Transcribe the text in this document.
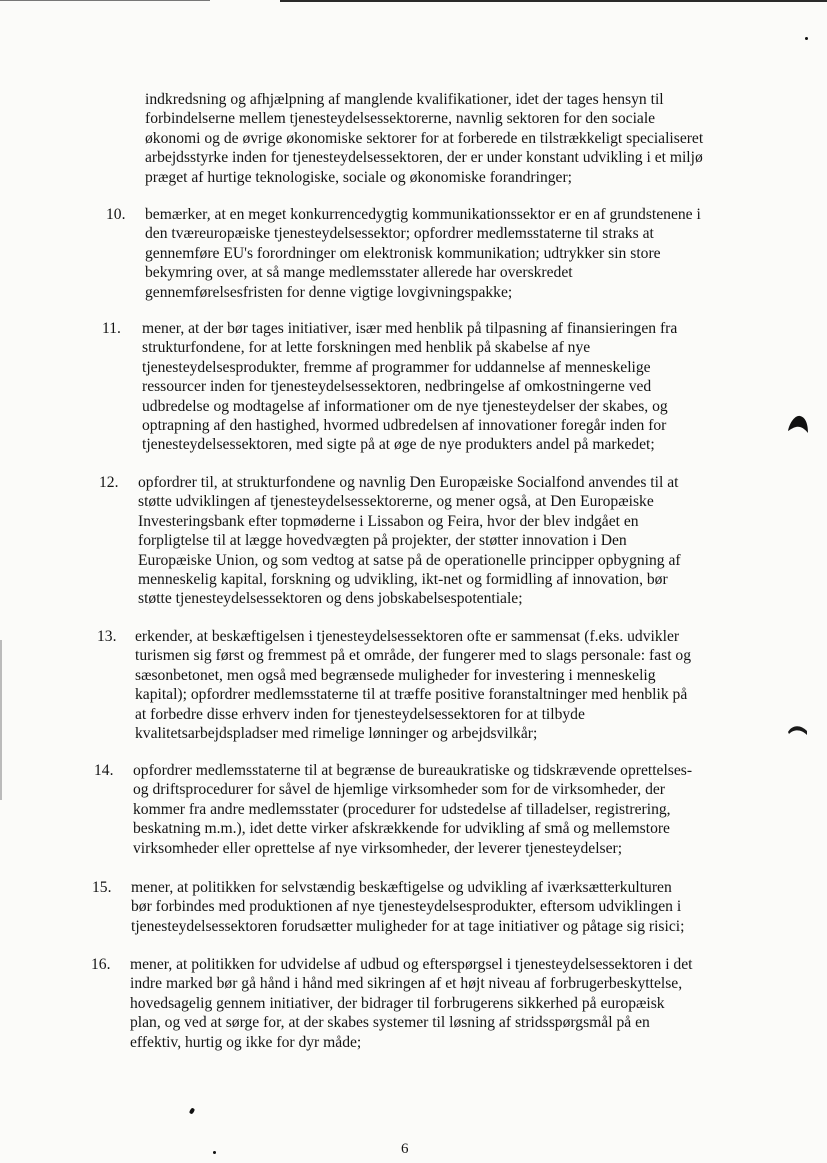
indkredsning og afhjælpning af manglende kvalifikationer, idet der tages hensyn til
forbindelserne mellem tjenesteydelsessektorerne, navnlig sektoren for den sociale
økonomi og de øvrige økonomiske sektorer for at forberede en tilstrækkeligt specialiseret
arbejdsstyrke inden for tjenesteydelsessektoren, der er under konstant udvikling i et miljø
præget af hurtige teknologiske, sociale og økonomiske forandringer;
10.	bemærker, at en meget konkurrencedygtig kommunikationssektor er en af grundstenene i
den tværeuropæiske tjenesteydelsessektor; opfordrer medlemsstaterne til straks at
gennemføre EU's forordninger om elektronisk kommunikation; udtrykker sin store
bekymring over, at så mange medlemsstater allerede har overskredet
gennemførelsesfristen for denne vigtige lovgivningspakke;
11.	mener, at der bør tages initiativer, især med henblik på tilpasning af finansieringen fra
strukturfondene, for at lette forskningen med henblik på skabelse af nye
tjenesteydelsesprodukter, fremme af programmer for uddannelse af menneskelige
ressourcer inden for tjenesteydelsessektoren, nedbringelse af omkostningerne ved
udbredelse og modtagelse af informationer om de nye tjenesteydelser der skabes, og
optrapning af den hastighed, hvormed udbredelsen af innovationer foregår inden for
tjenesteydelsessektoren, med sigte på at øge de nye produkters andel på markedet;
12.	opfordrer til, at strukturfondene og navnlig Den Europæiske Socialfond anvendes til at
støtte udviklingen af tjenesteydelsessektorerne, og mener også, at Den Europæiske
Investeringsbank efter topmøderne i Lissabon og Feira, hvor der blev indgået en
forpligtelse til at lægge hovedvægten på projekter, der støtter innovation i Den
Europæiske Union, og som vedtog at satse på de operationelle principper opbygning af
menneskelig kapital, forskning og udvikling, ikt-net og formidling af innovation, bør
støtte tjenesteydelsessektoren og dens jobskabelsespotentiale;
13.	erkender, at beskæftigelsen i tjenesteydelsessektoren ofte er sammensat (f.eks. udvikler
turismen sig først og fremmest på et område, der fungerer med to slags personale: fast og
sæsonbetonet, men også med begrænsede muligheder for investering i menneskelig
kapital); opfordrer medlemsstaterne til at træffe positive foranstaltninger med henblik på
at forbedre disse erhverv inden for tjenesteydelsessektoren for at tilbyde
kvalitetsarbejdspladser med rimelige lønninger og arbejdsvilkår;
14.	opfordrer medlemsstaterne til at begrænse de bureaukratiske og tidskrævende oprettelses-
og driftsprocedurer for såvel de hjemlige virksomheder som for de virksomheder, der
kommer fra andre medlemsstater (procedurer for udstedelse af tilladelser, registrering,
beskatning m.m.), idet dette virker afskrækkende for udvikling af små og mellemstore
virksomheder eller oprettelse af nye virksomheder, der leverer tjenesteydelser;
15.	mener, at politikken for selvstændig beskæftigelse og udvikling af iværksætterkulturen
bør forbindes med produktionen af nye tjenesteydelsesprodukter, eftersom udviklingen i
tjenesteydelsessektoren forudsætter muligheder for at tage initiativer og påtage sig risici;
16.	mener, at politikken for udvidelse af udbud og efterspørgsel i tjenesteydelsessektoren i det
indre marked bør gå hånd i hånd med sikringen af et højt niveau af forbrugerbeskyttelse,
hovedsagelig gennem initiativer, der bidrager til forbrugerens sikkerhed på europæisk
plan, og ved at sørge for, at der skabes systemer til løsning af stridsspørgsmål på en
effektiv, hurtig og ikke for dyr måde;
6
